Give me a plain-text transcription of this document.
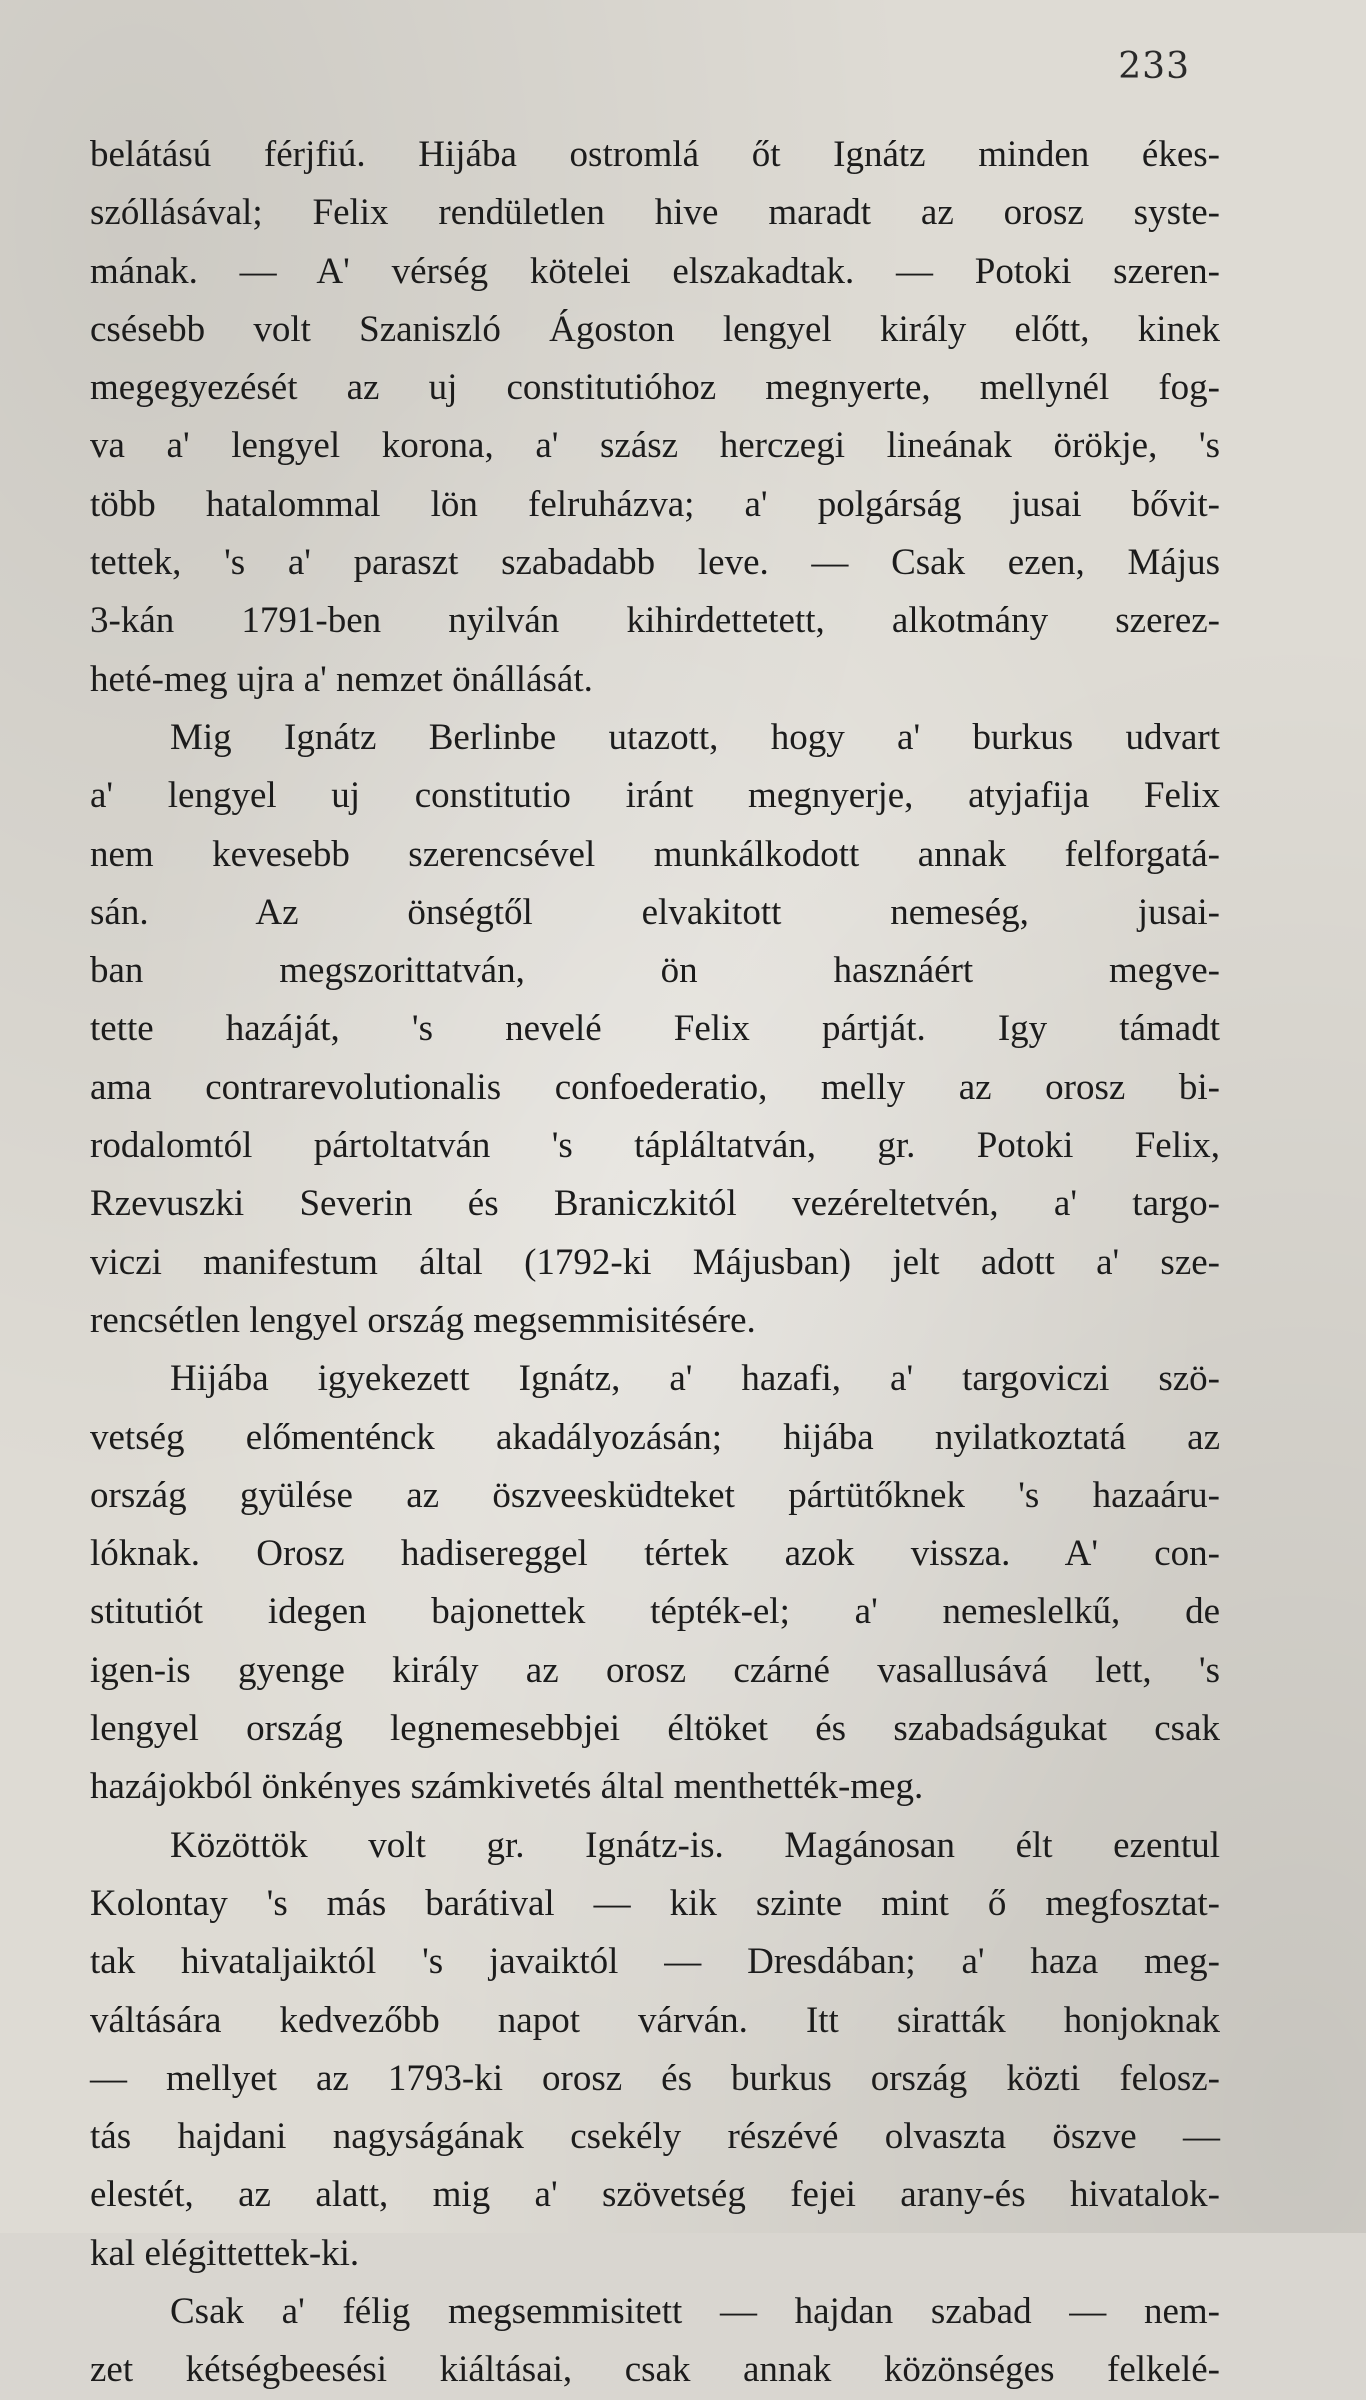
233
belátású férjfiú. Hijába ostromlá őt Ignátz minden ékes-
szóllásával; Felix rendületlen hive maradt az orosz syste-
mának. — A' vérség kötelei elszakadtak. — Potoki szeren-
csésebb volt Szaniszló Ágoston lengyel király előtt, kinek
megegyezését az uj constitutióhoz megnyerte, mellynél fog-
va a' lengyel korona, a' szász herczegi lineának örökje, 's
több hatalommal lön felruházva; a' polgárság jusai bővit-
tettek, 's a' paraszt szabadabb leve. — Csak ezen, Május
3-kán 1791-ben nyilván kihirdettetett, alkotmány szerez-
heté-meg ujra a' nemzet önállását.
Mig Ignátz Berlinbe utazott, hogy a' burkus udvart
a' lengyel uj constitutio iránt megnyerje, atyjafija Felix
nem kevesebb szerencsével munkálkodott annak felforgatá-
sán. Az önségtől elvakitott nemeség, jusai-
ban megszorittatván, ön hasznáért megve-
tette hazáját, 's nevelé Felix pártját. Igy támadt
ama contrarevolutionalis confoederatio, melly az orosz bi-
rodalomtól pártoltatván 's tápláltatván, gr. Potoki Felix,
Rzevuszki Severin és Braniczkitól vezéreltetvén, a' targo-
viczi manifestum által (1792-ki Májusban) jelt adott a' sze-
rencsétlen lengyel ország megsemmisitésére.
Hijába igyekezett Ignátz, a' hazafi, a' targoviczi szö-
vetség előmenténck akadályozásán; hijába nyilatkoztatá az
ország gyülése az öszveesküdteket pártütőknek 's hazaáru-
lóknak. Orosz hadisereggel tértek azok vissza. A' con-
stitutiót idegen bajonettek tépték-el; a' nemeslelkű, de
igen-is gyenge király az orosz czárné vasallusává lett, 's
lengyel ország legnemesebbjei éltöket és szabadságukat csak
hazájokból önkényes számkivetés által menthették-meg.
Közöttök volt gr. Ignátz-is. Magánosan élt ezentul
Kolontay 's más barátival — kik szinte mint ő megfosztat-
tak hivataljaiktól 's javaiktól — Dresdában; a' haza meg-
váltására kedvezőbb napot várván. Itt siratták honjoknak
— mellyet az 1793-ki orosz és burkus ország közti felosz-
tás hajdani nagyságának csekély részévé olvasztа öszve —
elestét, az alatt, mig a' szövetség fejei arany-és hivatalok-
kal elégittettek-ki.
Csak a' félig megsemmisitett — hajdan szabad — nem-
zet kétségbeesési kiáltásai, csak annak közönséges felkelé-
